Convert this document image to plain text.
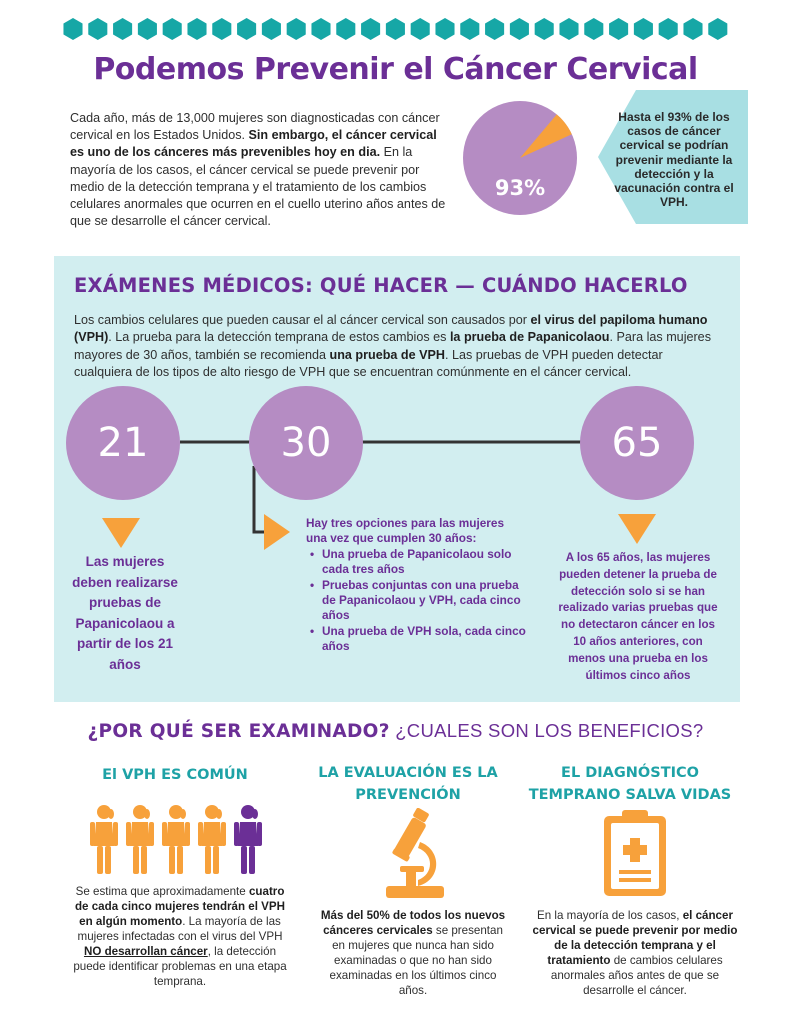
Podemos Prevenir el Cáncer Cervical

Cada año, más de 13,000 mujeres son diagnosticadas con cáncer cervical en los Estados Unidos. Sin embargo, el cáncer cervical es uno de los cánceres más prevenibles hoy en dia. En la mayoría de los casos, el cáncer cervical se puede prevenir por medio de la detección temprana y el tratamiento de los cambios celulares anormales que ocurren en el cuello uterino años antes de que se desarrolle el cáncer cervical.

93%
Hasta el 93% de los casos de cáncer cervical se podrían prevenir mediante la detección y la vacunación contra el VPH.
EXÁMENES MÉDICOS: QUÉ HACER — CUÁNDO HACERLO

Los cambios celulares que pueden causar el al cáncer cervical son causados por el virus del papiloma humano (VPH). La prueba para la detección temprana de estos cambios es la prueba de Papanicolaou. Para las mujeres mayores de 30 años, también se recomienda una prueba de VPH. Las pruebas de VPH pueden detectar cualquiera de los tipos de alto riesgo de VPH que se encuentran comúnmente en el cáncer cervical.

21	30	65
Las mujeres deben realizarse pruebas de Papanicolaou a partir de los 21 años
Hay tres opciones para las mujeres una vez que cumplen 30 años:
• Una prueba de Papanicolaou solo cada tres años
• Pruebas conjuntas con una prueba de Papanicolaou y VPH, cada cinco años
• Una prueba de VPH sola, cada cinco años
A los 65 años, las mujeres pueden detener la prueba de detección solo si se han realizado varias pruebas que no detectaron cáncer en los 10 años anteriores, con menos una prueba en los últimos cinco años
¿POR QUÉ SER EXAMINADO? ¿CUALES SON LOS BENEFICIOS?
El VPH ES COMÚN	LA EVALUACIÓN ES LA PREVENCIÓN
EL DIAGNÓSTICO TEMPRANO SALVA VIDAS

Se estima que aproximadamente cuatro de cada cinco mujeres tendrán el VPH en algún momento. La mayoría de las mujeres infectadas con el virus del VPH NO desarrollan cáncer, la detección puede identificar problemas en una etapa temprana.

Más del 50% de todos los nuevos cánceres cervicales se presentan en mujeres que nunca han sido examinadas o que no han sido examinadas en los últimos cinco años.

En la mayoría de los casos, el cáncer cervical se puede prevenir por medio de la detección temprana y el tratamiento de cambios celulares anormales años antes de que se desarrolle el cáncer.
